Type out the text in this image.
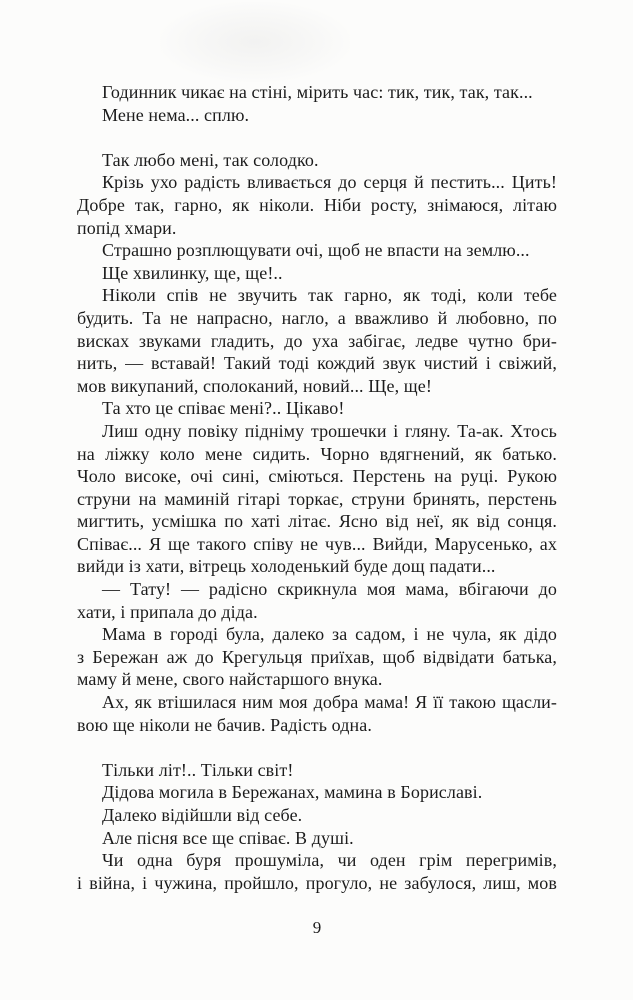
Годинник чикає на стіні, мірить час: тик, тик, так, так...
Мене нема... сплю.
Так любо мені, так солодко.
Крізь ухо радість вливається до серця й пестить... Цить!
Добре так, гарно, як ніколи. Ніби росту, знімаюся, літаю
попід хмари.
Страшно розплющувати очі, щоб не впасти на землю...
Ще хвилинку, ще, ще!..
Ніколи спів не звучить так гарно, як тоді, коли тебе
будить. Та не напрасно, нагло, а вважливо й любовно, по
висках звуками гладить, до уха забігає, ледве чутно бри-
нить, — вставай! Такий тоді кождий звук чистий і свіжий,
мов викупаний, сполоканий, новий... Ще, ще!
Та хто це співає мені?.. Цікаво!
Лиш одну повіку підніму трошечки і гляну. Та-ак. Хтось
на ліжку коло мене сидить. Чорно вдягнений, як батько.
Чоло високе, очі сині, сміються. Перстень на руці. Рукою
струни на маминій гітарі торкає, струни бринять, перстень
мигтить, усмішка по хаті літає. Ясно від неї, як від сонця.
Співає... Я ще такого співу не чув... Вийди, Марусенько, ах
вийди із хати, вітрець холоденький буде дощ падати...
— Тату! — радісно скрикнула моя мама, вбігаючи до
хати, і припала до діда.
Мама в городі була, далеко за садом, і не чула, як дідо
з Бережан аж до Крегульця приїхав, щоб відвідати батька,
маму й мене, свого найстаршого внука.
Ах, як втішилася ним моя добра мама! Я її такою щасли-
вою ще ніколи не бачив. Радість одна.
Тільки літ!.. Тільки світ!
Дідова могила в Бережанах, мамина в Бориславі.
Далеко відійшли від себе.
Але пісня все ще співає. В душі.
Чи одна буря прошуміла, чи оден грім перегримів,
і війна, і чужина, пройшло, прогуло, не забулося, лиш, мов
9
